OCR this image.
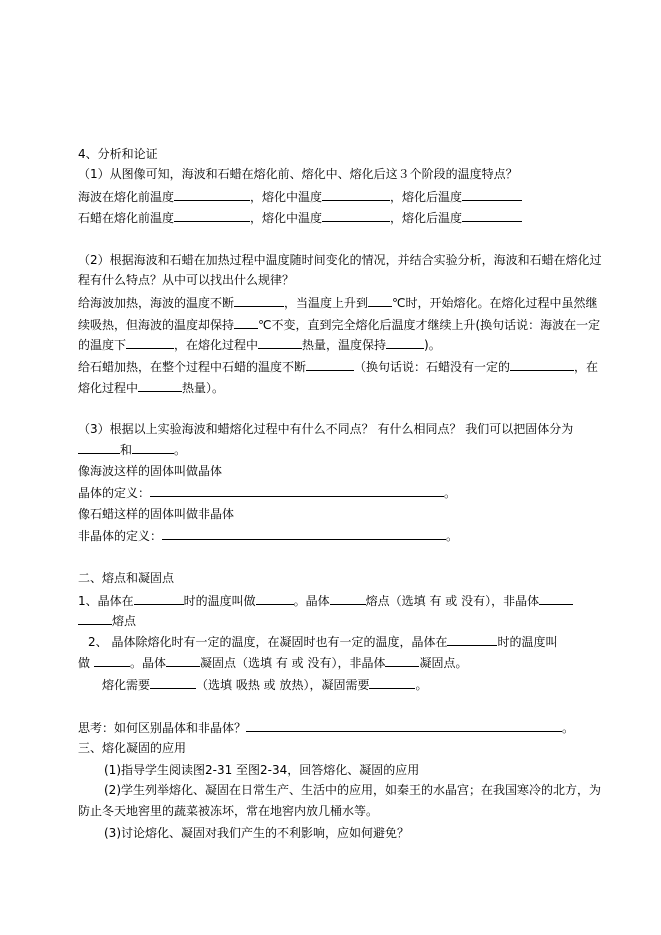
4、分析和论证
（1）从图像可知，海波和石蜡在熔化前、熔化中、熔化后这３个阶段的温度特点？
海波在熔化前温度	，熔化中温度	，熔化后温度
石蜡在熔化前温度	，熔化中温度	，熔化后温度
（2）根据海波和石蜡在加热过程中温度随时间变化的情况，并结合实验分析，海波和石蜡在熔化过
程有什么特点？从中可以找出什么规律？
给海波加热，海波的温度不断	，当温度上升到 ℃时，开始熔化。在熔化过程中虽然继
续吸热，但海波的温度却保持 ℃不变，直到完全熔化后温度才继续上升(换句话说：海波在一定
的温度下	，在熔化过程中	热量，温度保持	)。
给石蜡加热，在整个过程中石蜡的温度不断	（换句话说：石蜡没有一定的	，在
熔化过程中	热量）。
（3）根据以上实验海波和蜡熔化过程中有什么不同点？ 有什么相同点？ 我们可以把固体分为
和	。
像海波这样的固体叫做晶体
晶体的定义：	。
像石蜡这样的固体叫做非晶体
非晶体的定义：	。
二、熔点和凝固点
1、晶体在	时的温度叫做	。晶体	熔点（选填 有 或 没有），非晶体
熔点
2、 晶体除熔化时有一定的温度，在凝固时也有一定的温度，晶体在	时的温度叫
做	。晶体	凝固点（选填 有 或 没有），非晶体	凝固点。
熔化需要	（选填 吸热 或 放热），凝固需要	。
思考：如何区别晶体和非晶体？	。
三、熔化凝固的应用
(1)指导学生阅读图2-31 至图2-34，回答熔化、凝固的应用
(2)学生列举熔化、凝固在日常生产、生活中的应用，如秦王的水晶宫；在我国寒冷的北方，为
防止冬天地窖里的蔬菜被冻坏，常在地窖内放几桶水等。
(3)讨论熔化、凝固对我们产生的不利影响，应如何避免？
